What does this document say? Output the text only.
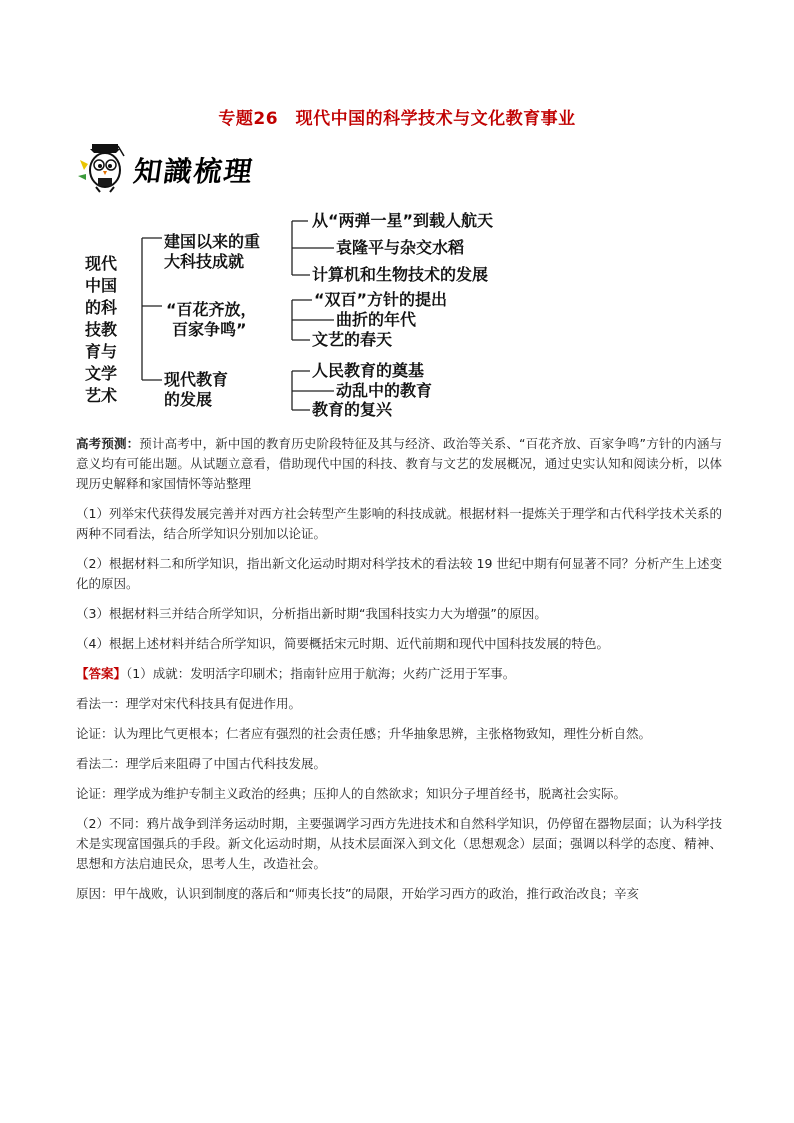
专题26　现代中国的科学技术与文化教育事业
知識梳理
现代
中国
的科
技教
育与
文学
艺术
建国以来的重
大科技成就
从“两弹一星”到载人航天
袁隆平与杂交水稻
计算机和生物技术的发展
“百花齐放，
百家争鸣”
“双百”方针的提出
曲折的年代
文艺的春天
现代教育
的发展
人民教育的奠基
动乱中的教育
教育的复兴

高考预测：预计高考中，新中国的教育历史阶段特征及其与经济、政治等关系、“百花齐放、百家争鸣”方针的内涵与意义均有可能出题。从试题立意看，借助现代中国的科技、教育与文艺的发展概况，通过史实认知和阅读分析，以体现历史解释和家国情怀等站整理

（1）列举宋代获得发展完善并对西方社会转型产生影响的科技成就。根据材料一提炼关于理学和古代科学技术关系的两种不同看法，结合所学知识分别加以论证。

（2）根据材料二和所学知识，指出新文化运动时期对科学技术的看法较 19 世纪中期有何显著不同？分析产生上述变化的原因。

（3）根据材料三并结合所学知识，分析指出新时期“我国科技实力大为增强”的原因。

（4）根据上述材料并结合所学知识，简要概括宋元时期、近代前期和现代中国科技发展的特色。

【答案】（1）成就：发明活字印刷术；指南针应用于航海；火药广泛用于军事。

看法一：理学对宋代科技具有促进作用。

论证：认为理比气更根本；仁者应有强烈的社会责任感；升华抽象思辨，主张格物致知，理性分析自然。

看法二：理学后来阻碍了中国古代科技发展。

论证：理学成为维护专制主义政治的经典；压抑人的自然欲求；知识分子埋首经书，脱离社会实际。

（2）不同：鸦片战争到洋务运动时期，主要强调学习西方先进技术和自然科学知识，仍停留在器物层面；认为科学技术是实现富国强兵的手段。新文化运动时期，从技术层面深入到文化（思想观念）层面；强调以科学的态度、精神、思想和方法启迪民众，思考人生，改造社会。

原因：甲午战败，认识到制度的落后和“师夷长技”的局限，开始学习西方的政治，推行政治改良；辛亥
